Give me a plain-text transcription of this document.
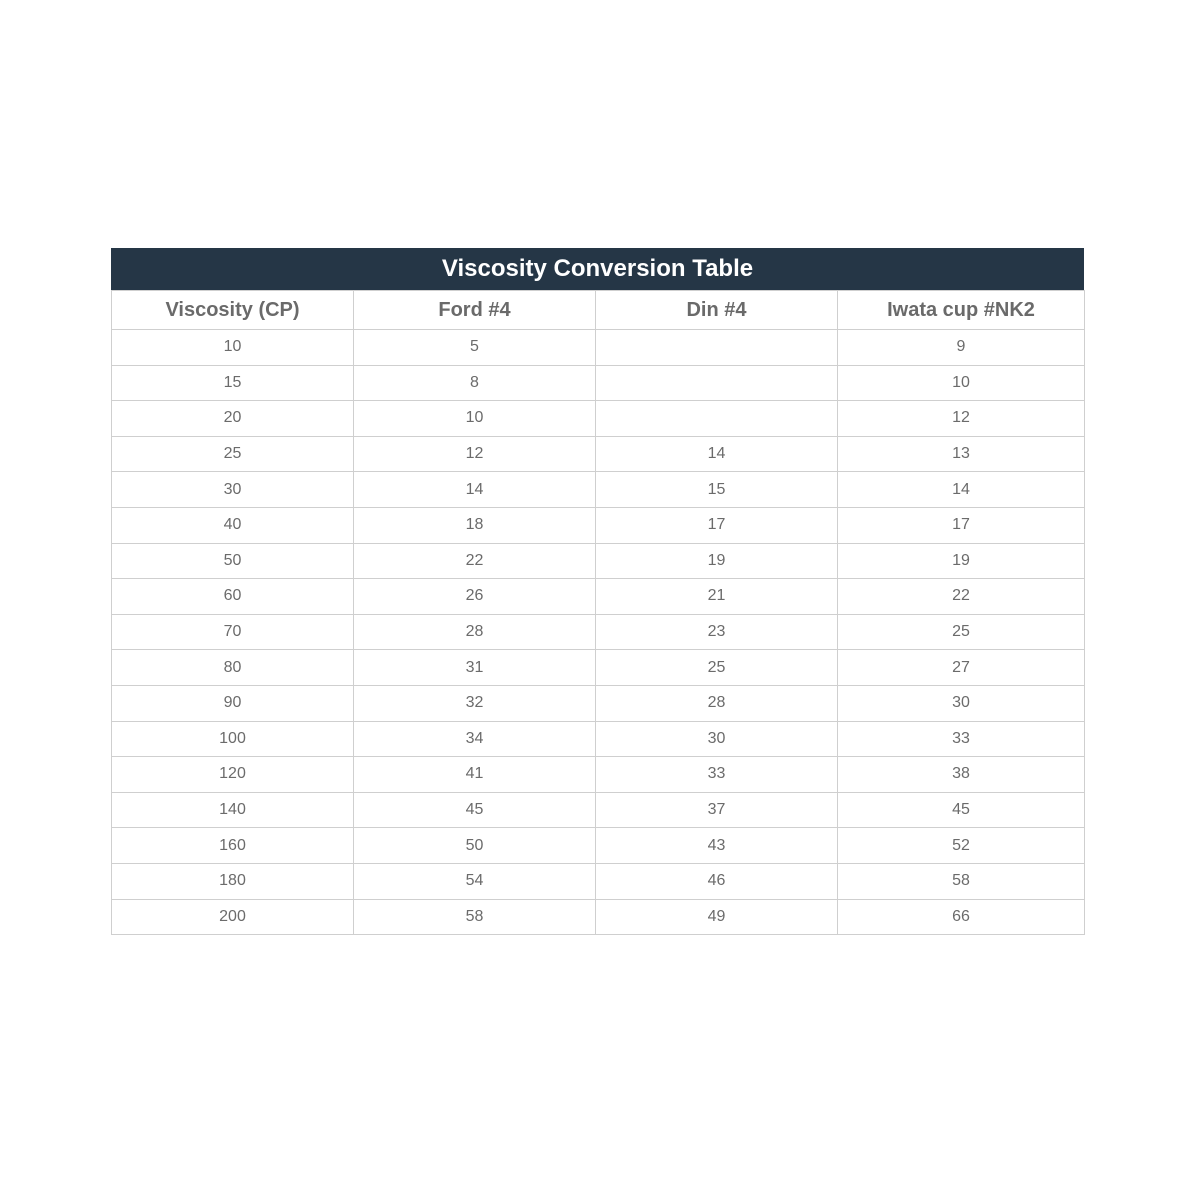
Viscosity Conversion Table
Viscosity (CP)	Ford #4	Din #4	Iwata cup #NK2
10	5		9
15	8		10
20	10		12
25	12	14	13
30	14	15	14
40	18	17	17
50	22	19	19
60	26	21	22
70	28	23	25
80	31	25	27
90	32	28	30
100	34	30	33
120	41	33	38
140	45	37	45
160	50	43	52
180	54	46	58
200	58	49	66
